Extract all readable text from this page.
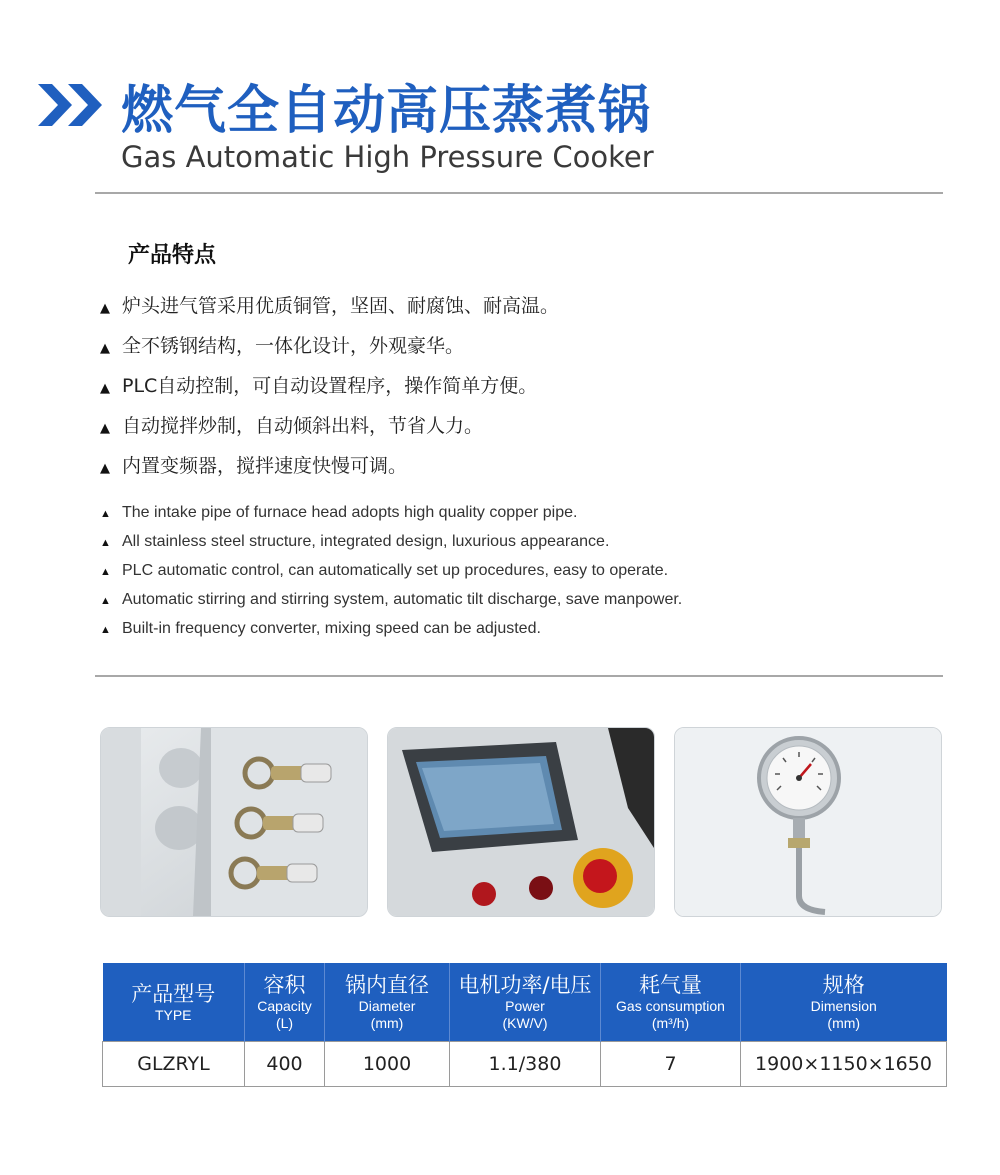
燃气全自动高压蒸煮锅
Gas Automatic High Pressure Cooker
产品特点
▲ 炉头进气管采用优质铜管，坚固、耐腐蚀、耐高温。
▲ 全不锈钢结构，一体化设计，外观豪华。
▲ PLC自动控制，可自动设置程序，操作简单方便。
▲ 自动搅拌炒制，自动倾斜出料，节省人力。
▲ 内置变频器，搅拌速度快慢可调。
▲ The intake pipe of furnace head adopts high quality copper pipe.
▲ All stainless steel structure, integrated design, luxurious appearance.
▲ PLC automatic control, can automatically set up procedures, easy to operate.
▲ Automatic stirring and stirring system, automatic tilt discharge, save manpower.
▲ Built-in frequency converter, mixing speed can be adjusted.
产品型号
TYPE	容积
Capacity
(L)	锅内直径
Diameter
(mm)	电机功率/电压
Power
(KW/V)	耗气量
Gas consumption
(m³/h)	规格
Dimension
(mm)

GLZRYL	400	1000	1.1/380	7	1900×1150×1650
